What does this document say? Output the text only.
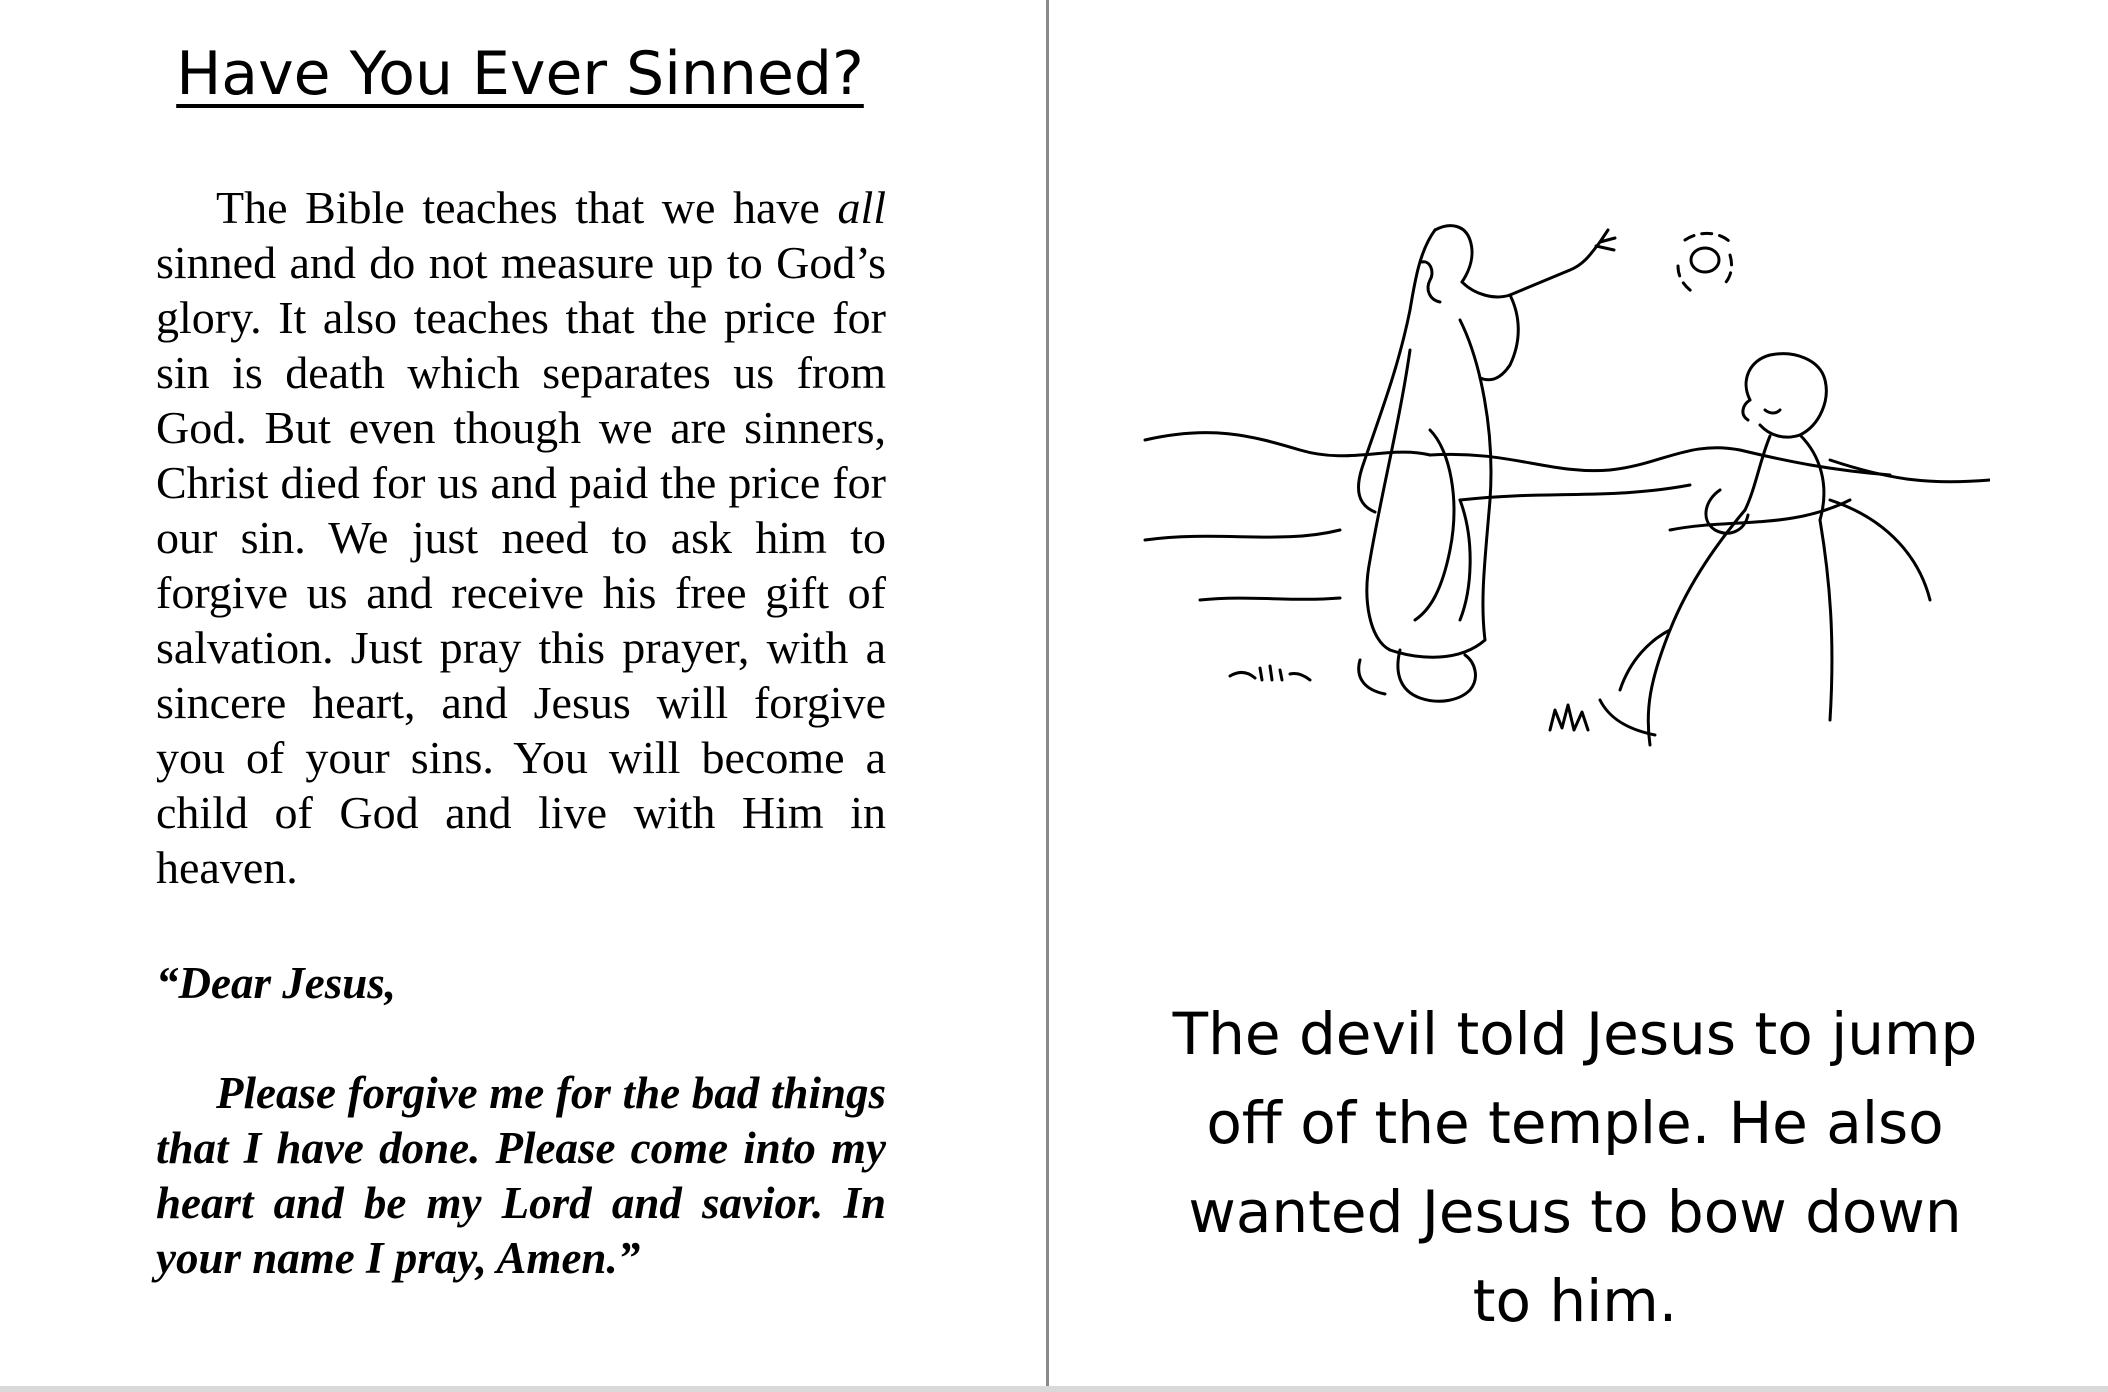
Have You Ever Sinned?

The Bible teaches that we have all sinned and do not measure up to God’s glory. It also teaches that the price for sin is death which separates us from God. But even though we are sinners, Christ died for us and paid the price for our sin. We just need to ask him to forgive us and receive his free gift of salvation. Just pray this prayer, with a sincere heart, and Jesus will forgive you of your sins. You will become a child of God and live with Him in heaven.

“Dear Jesus,

Please forgive me for the bad things that I have done. Please come into my heart and be my Lord and savior. In your name I pray, Amen.”

The devil told Jesus to jump off of the temple. He also wanted Jesus to bow down to him.
